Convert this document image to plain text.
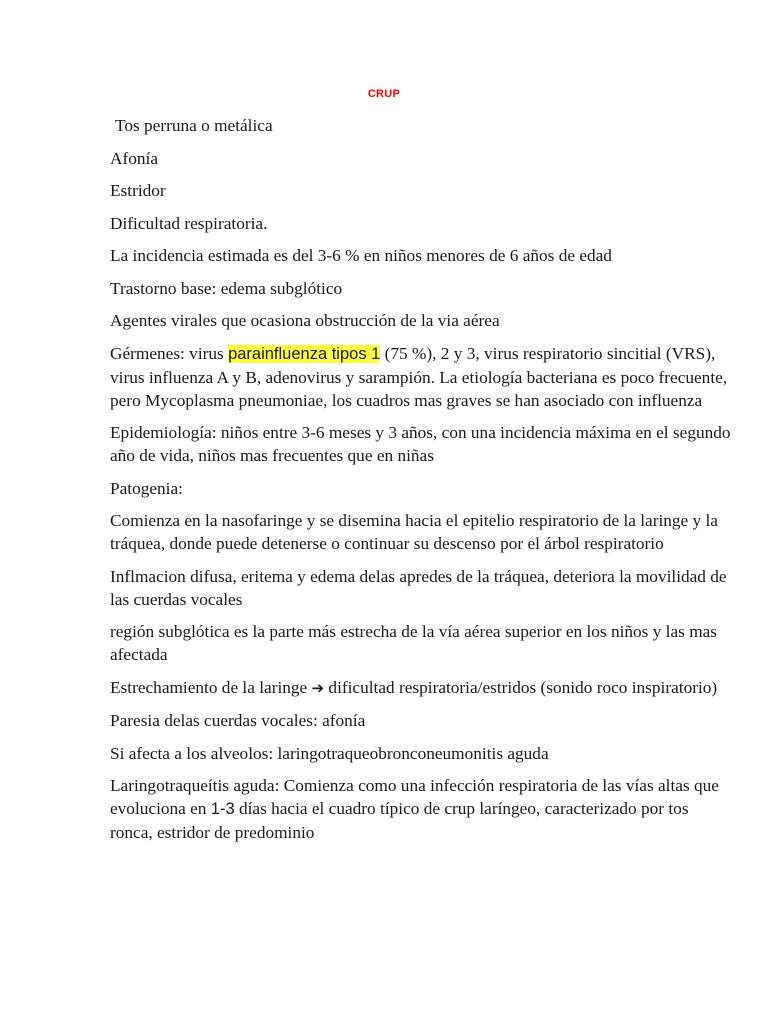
CRUP

Tos perruna o metálica

Afonía

Estridor

Dificultad respiratoria.

La incidencia estimada es del 3-6 % en niños menores de 6 años de edad

Trastorno base: edema subglótico

Agentes virales que ocasiona obstrucción de la via aérea

Gérmenes: virus parainfluenza tipos 1 (75 %), 2 y 3, virus respiratorio sincitial (VRS), virus influenza A y B, adenovirus y sarampión. La etiología bacteriana es poco frecuente, pero Mycoplasma pneumoniae, los cuadros mas graves se han asociado con influenza

Epidemiología: niños entre 3-6 meses y 3 años, con una incidencia máxima en el segundo año de vida, niños mas frecuentes que en niñas

Patogenia:

Comienza en la nasofaringe y se disemina hacia el epitelio respiratorio de la laringe y la tráquea, donde puede detenerse o continuar su descenso por el árbol respiratorio

Inflmacion difusa, eritema y edema delas apredes de la tráquea, deteriora la movilidad de las cuerdas vocales

región subglótica es la parte más estrecha de la vía aérea superior en los niños y las mas afectada

Estrechamiento de la laringe ➔ dificultad respiratoria/estridos (sonido roco inspiratorio)

Paresia delas cuerdas vocales: afonía

Si afecta a los alveolos: laringotraqueobronconeumonitis aguda

Laringotraqueítis aguda: Comienza como una infección respiratoria de las vías altas que evoluciona en 1-3 días hacia el cuadro típico de crup laríngeo, caracterizado por tos ronca, estridor de predominio
